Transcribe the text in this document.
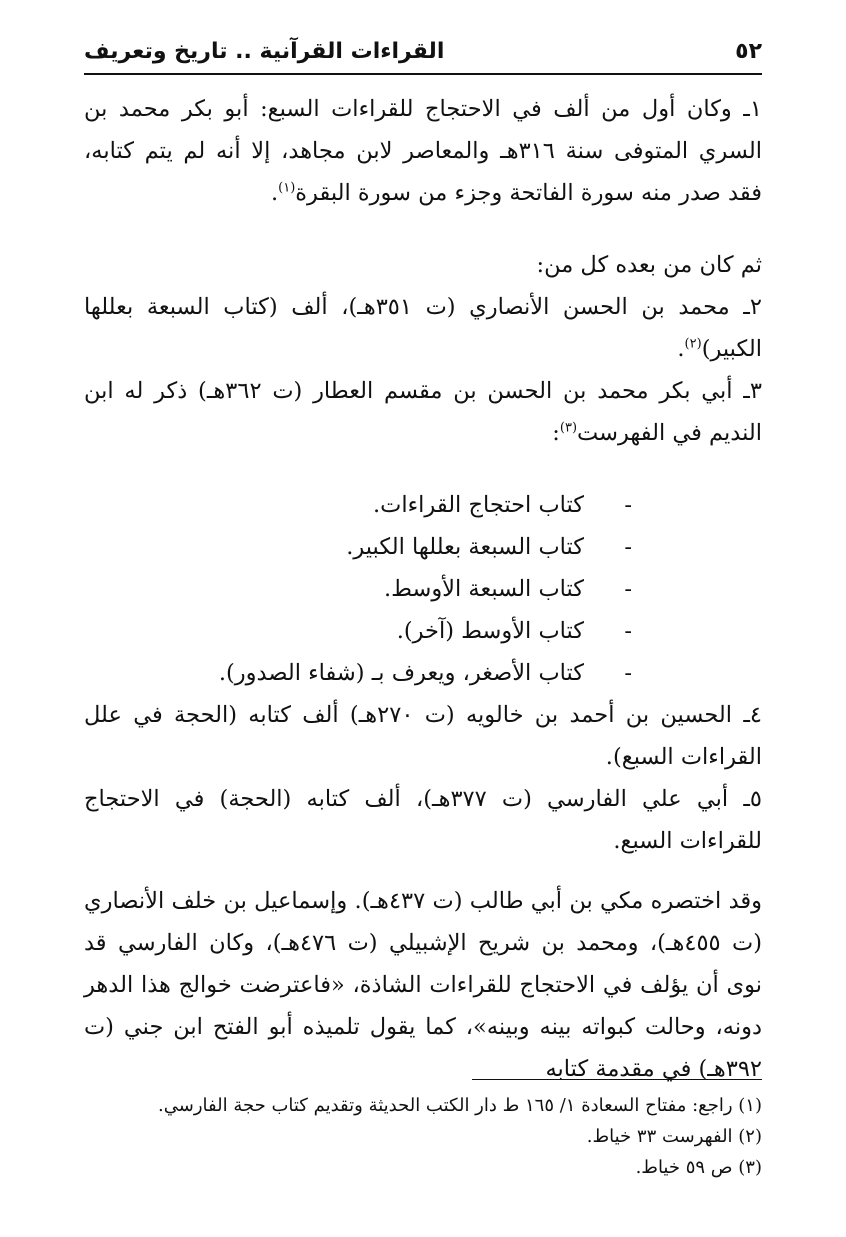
٥٢
القراءات القرآنية .. تاريخ وتعريف

١ـ وكان أول من ألف في الاحتجاج للقراءات السبع: أبو بكر محمد بن السري المتوفى سنة ٣١٦هـ والمعاصر لابن مجاهد، إلا أنه لم يتم كتابه، فقد صدر منه سورة الفاتحة وجزء من سورة البقرة$^{(١)}$.

ثم كان من بعده كل من:

٢ـ محمد بن الحسن الأنصاري (ت ٣٥١هـ)، ألف (كتاب السبعة بعللها الكبير)$^{(٢)}$.

٣ـ أبي بكر محمد بن الحسن بن مقسم العطار (ت ٣٦٢هـ) ذكر له ابن النديم في الفهرست$^{(٣)}$:

-
كتاب احتجاج القراءات.
-
كتاب السبعة بعللها الكبير.
-
كتاب السبعة الأوسط.
-
كتاب الأوسط (آخر).
-
كتاب الأصغر، ويعرف بـ (شفاء الصدور).

٤ـ الحسين بن أحمد بن خالويه (ت ٢٧٠هـ) ألف كتابه (الحجة في علل القراءات السبع).

٥ـ أبي علي الفارسي (ت ٣٧٧هـ)، ألف كتابه (الحجة) في الاحتجاج للقراءات السبع.

وقد اختصره مكي بن أبي طالب (ت ٤٣٧هـ). وإسماعيل بن خلف الأنصاري (ت ٤٥٥هـ)، ومحمد بن شريح الإشبيلي (ت ٤٧٦هـ)، وكان الفارسي قد نوى أن يؤلف في الاحتجاج للقراءات الشاذة، «فاعترضت خوالج هذا الدهر دونه، وحالت كبواته بينه وبينه»، كما يقول تلميذه أبو الفتح ابن جني (ت ٣٩٢هـ) في مقدمة كتابه

(١) راجع: مفتاح السعادة ١/ ١٦٥ ط دار الكتب الحديثة وتقديم كتاب حجة الفارسي.

(٢) الفهرست ٣٣ خياط.

(٣) ص ٥٩ خياط.
